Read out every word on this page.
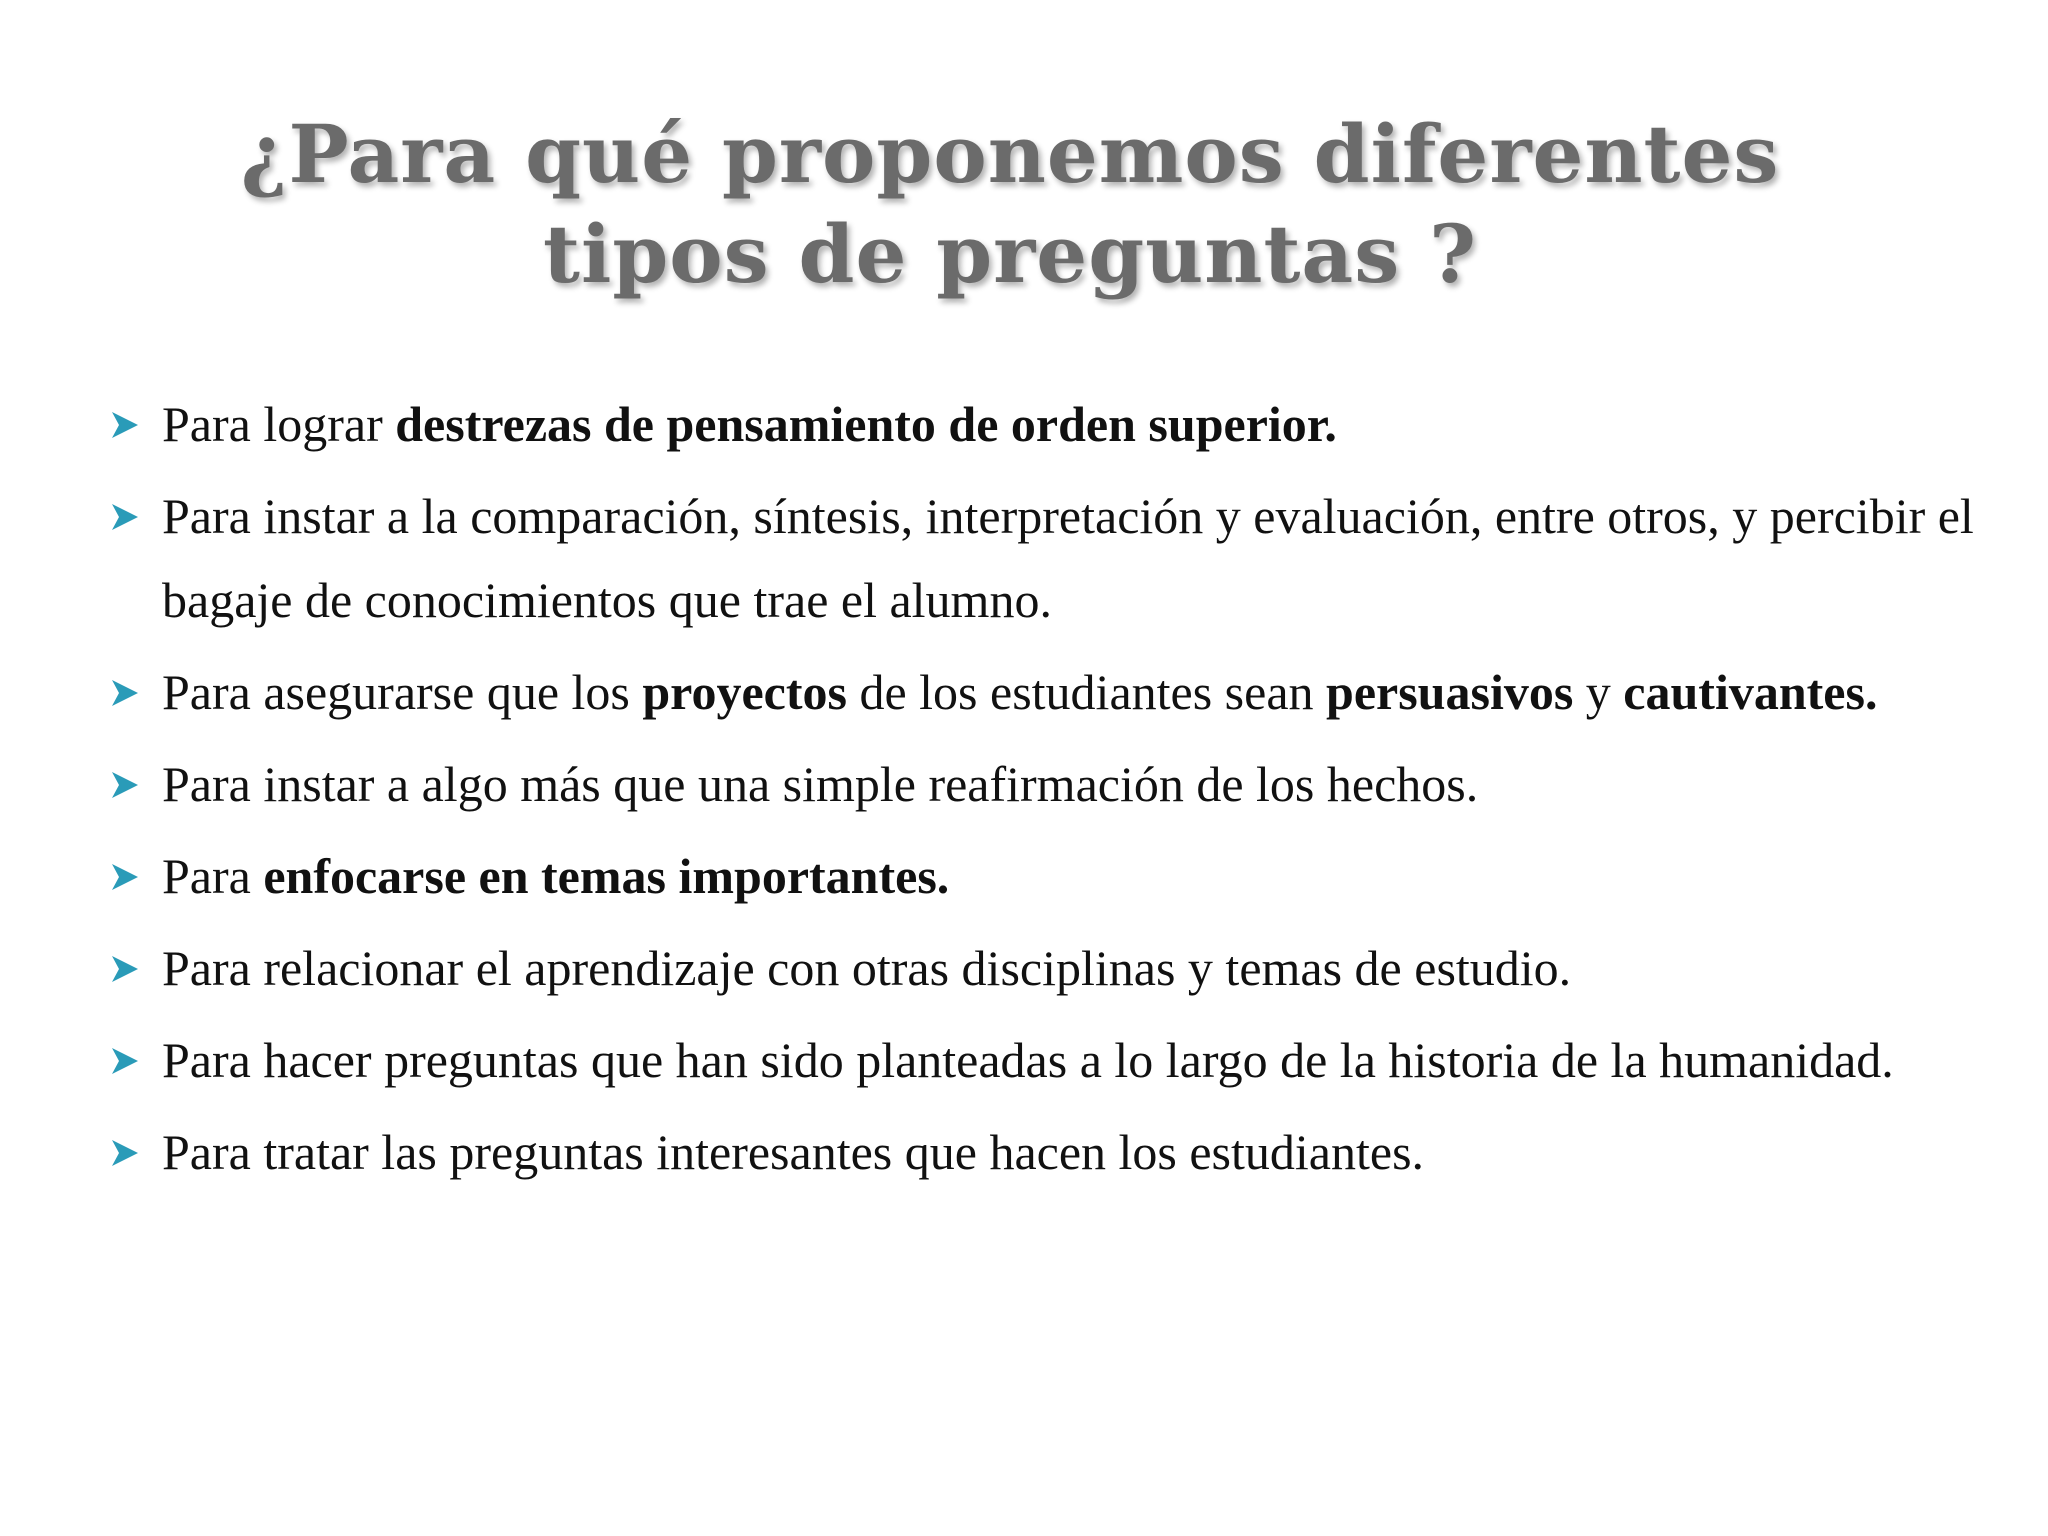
¿Para qué proponemos diferentes tipos de preguntas ?
Para lograr destrezas de pensamiento de orden superior.
Para instar a la comparación, síntesis, interpretación y evaluación, entre otros, y percibir el bagaje de conocimientos que trae el alumno.
Para asegurarse que los proyectos de los estudiantes sean persuasivos y cautivantes.
Para instar a algo más que una simple reafirmación de los hechos.
Para enfocarse en temas importantes.
Para relacionar el aprendizaje con otras disciplinas y temas de estudio.
Para hacer preguntas que han sido planteadas a lo largo de la historia de la humanidad.
Para tratar las preguntas interesantes que hacen los estudiantes.
